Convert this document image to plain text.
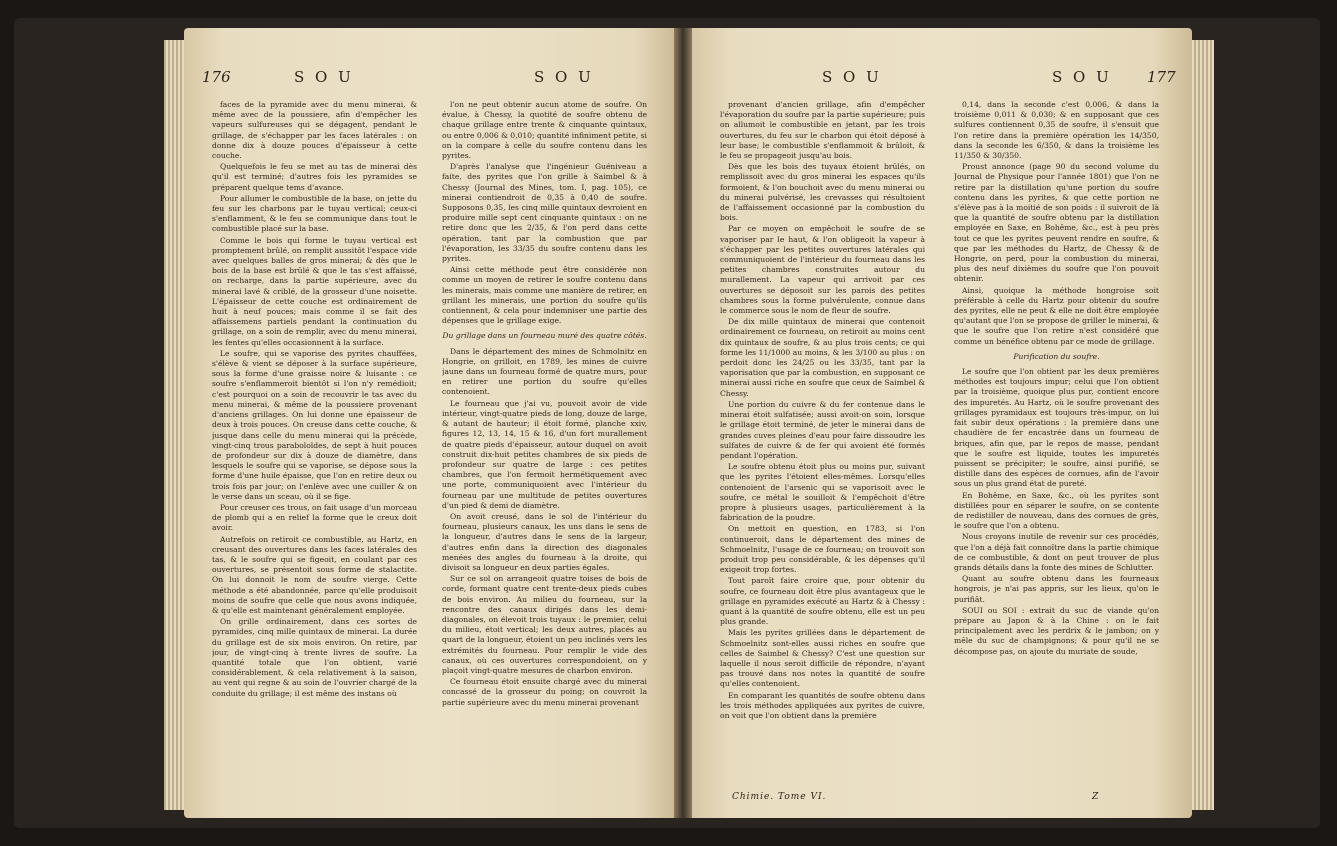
176	S O U	S O U

faces de la pyramide avec du menu minerai, & même avec de la poussiere, afin d'empêcher les vapeurs sulfureuses qui se dégagent, pendant le grillage, de s'échapper par les faces latérales : on donne dix à douze pouces d'épaisseur à cette couche.

Quelquefois le feu se met au tas de minerai dès qu'il est terminé; d'autres fois les pyramides se préparent quelque tems d'avance.

Pour allumer le combustible de la base, on jette du feu sur les charbons par le tuyau vertical; ceux-ci s'enflamment, & le feu se communique dans tout le combustible placé sur la base.

Comme le bois qui forme le tuyau vertical est promptement brûlé, on remplit aussitôt l'espace vide avec quelques balles de gros minerai; & dès que le bois de la base est brûlé & que le tas s'est affaissé, on recharge, dans la partie supérieure, avec du minerai lavé & criblé, de la grosseur d'une noisette. L'épaisseur de cette couche est ordinairement de huit à neuf pouces; mais comme il se fait des affaissemens partiels pendant la continuation du grillage, on a soin de remplir, avec du menu minerai, les fentes qu'elles occasionnent à la surface.

Le soufre, qui se vaporise des pyrites chauffées, s'élève & vient se déposer à la surface supérieure, sous la forme d'une graisse noire & luisante : ce soufre s'enflammeroit bientôt si l'on n'y remédioit; c'est pourquoi on a soin de recouvrir le tas avec du menu minerai, & même de la poussiere provenant d'anciens grillages. On lui donne une épaisseur de deux à trois pouces. On creuse dans cette couche, & jusque dans celle du menu minerai qui la précède, vingt-cinq trous paraboloïdes, de sept à huit pouces de profondeur sur dix à douze de diamètre, dans lesquels le soufre qui se vaporise, se dépose sous la forme d'une huile épaisse, que l'on en retire deux ou trois fois par jour; on l'enlève avec une cuiller & on le verse dans un sceau, où il se fige.

Pour creuser ces trous, on fait usage d'un morceau de plomb qui a en relief la forme que le creux doit avoir.

Autrefois on retiroit ce combustible, au Hartz, en creusant des ouvertures dans les faces latérales des tas, & le soufre qui se figeoit, en coulant par ces ouvertures, se présentoit sous forme de stalactite. On lui donnoit le nom de soufre vierge. Cette méthode a été abandonnée, parce qu'elle produisoit moins de soufre que celle que nous avons indiquée, & qu'elle est maintenant généralement employée.

On grille ordinairement, dans ces sortes de pyramides, cinq mille quintaux de minerai. La durée du grillage est de six mois environ. On retire, par jour, de vingt-cinq à trente livres de soufre. La quantité totale que l'on obtient, varié considérablement, & cela relativement à la saison, au vent qui regne & au soin de l'ouvrier chargé de la conduite du grillage; il est même des instans où

l'on ne peut obtenir aucun atome de soufre. On évalue, à Chessy, la quotité de soufre obtenu de chaque grillage entre trente & cinquante quintaux, ou entre 0,006 & 0,010; quantité infiniment petite, si on la compare à celle du soufre contenu dans les pyrites.

D'après l'analyse que l'ingénieur Guéniveau a faite, des pyrites que l'on grille à Saimbel & à Chessy (Journal des Mines, tom. I, pag. 105), ce minerai contiendroit de 0,35 à 0,40 de soufre. Supposons 0,35, les cinq mille quintaux devroient en produire mille sept cent cinquante quintaux : on ne retire donc que les 2/35, & l'on perd dans cette opération, tant par la combustion que par l'évaporation, les 33/35 du soufre contenu dans les pyrites.

Ainsi cette méthode peut être considérée non comme un moyen de retirer le soufre contenu dans les minerais, mais comme une manière de retirer, en grillant les minerais, une portion du soufre qu'ils contiennent, & cela pour indemniser une partie des dépenses que le grillage exige.

Du grillage dans un fourneau muré des quatre côtés.

Dans le département des mines de Schmolnitz en Hongrie, on grilloit, en 1789, les mines de cuivre jaune dans un fourneau formé de quatre murs, pour en retirer une portion du soufre qu'elles contenoient.

Le fourneau que j'ai vu, pouvoit avoir de vide intérieur, vingt-quatre pieds de long, douze de large, & autant de hauteur; il étoit formé, planche xxiv, figures 12, 13, 14, 15 & 16, d'un fort murallement de quatre pieds d'épaisseur, autour duquel on avoit construit dix-huit petites chambres de six pieds de profondeur sur quatre de large : ces petites chambres, que l'on fermoit hermétiquement avec une porte, communiquoient avec l'intérieur du fourneau par une multitude de petites ouvertures d'un pied & demi de diamètre.

On avoit creusé, dans le sol de l'intérieur du fourneau, plusieurs canaux, les uns dans le sens de la longueur, d'autres dans le sens de la largeur, d'autres enfin dans la direction des diagonales menées des angles du fourneau à la droite, qui divisoit sa longueur en deux parties égales.

Sur ce sol on arrangeoit quatre toises de bois de corde, formant quatre cent trente-deux pieds cubes de bois environ. Au milieu du fourneau, sur la rencontre des canaux dirigés dans les demi-diagonales, on élevoit trois tuyaux : le premier, celui du milieu, étoit vertical; les deux autres, placés au quart de la longueur, étoient un peu inclinés vers les extrémités du fourneau. Pour remplir le vide des canaux, où ces ouvertures correspondoient, on y plaçoit vingt-quatre mesures de charbon environ.

Ce fourneau étoit ensuite chargé avec du minerai concassé de la grosseur du poing; on couvroit la partie supérieure avec du menu minerai provenant

S O U	S O U 177

provenant d'ancien grillage, afin d'empêcher l'évaporation du soufre par la partie supérieure; puis on allumoit le combustible en jetant, par les trois ouvertures, du feu sur le charbon qui étoit déposé à leur base; le combustible s'enflammoit & brûloit, & le feu se propageoit jusqu'au bois.

Dès que les bois des tuyaux étoient brûlés, on remplissoit avec du gros minerai les espaces qu'ils formoient, & l'on bouchoit avec du menu minerai ou du minerai pulvérisé, les crevasses qui résultoient de l'affaissement occasionné par la combustion du bois.

Par ce moyen on empêchoit le soufre de se vaporiser par le haut, & l'on obligeoit la vapeur à s'échapper par les petites ouvertures latérales qui communiquoient de l'intérieur du fourneau dans les petites chambres construites autour du murallement. La vapeur qui arrivoit par ces ouvertures se déposoit sur les parois des petites chambres sous la forme pulvérulente, connue dans le commerce sous le nom de fleur de soufre.

De dix mille quintaux de minerai que contenoit ordinairement ce fourneau, on retiroit au moins cent dix quintaux de soufre, & au plus trois cents; ce qui forme les 11/1000 au moins, & les 3/100 au plus : on perdoit donc les 24/25 ou les 33/35, tant par la vaporisation que par la combustion, en supposant ce minerai aussi riche en soufre que ceux de Saimbel & Chessy.

Une portion du cuivre & du fer contenue dans le minerai étoit sulfatisée; aussi avoit-on soin, lorsque le grillage étoit terminé, de jeter le minerai dans de grandes cuves pleines d'eau pour faire dissoudre les sulfates de cuivre & de fer qui avoient été formés pendant l'opération.

Le soufre obtenu étoit plus ou moins pur, suivant que les pyrites l'étoient elles-mêmes. Lorsqu'elles contenoient de l'arsenic qui se vaporisoit avec le soufre, ce métal le souilloit & l'empêchoit d'être propre à plusieurs usages, particulièrement à la fabrication de la poudre.

On mettoit en question, en 1783, si l'on continueroit, dans le département des mines de Schmoelnitz, l'usage de ce fourneau; on trouvoit son produit trop peu considérable, & les dépenses qu'il exigeoit trop fortes.

Tout paroît faire croire que, pour obtenir du soufre, ce fourneau doit être plus avantageux que le grillage en pyramides exécuté au Hartz & à Chessy : quant à la quantité de soufre obtenu, elle est un peu plus grande.

Mais les pyrites grillées dans le département de Schmoelnitz sont-elles aussi riches en soufre que celles de Saimbel & Chessy? C'est une question sur laquelle il nous seroit difficile de répondre, n'ayant pas trouvé dans nos notes la quantité de soufre qu'elles contenoient.

En comparant les quantités de soufre obtenu dans les trois méthodes appliquées aux pyrites de cuivre, on voit que l'on obtient dans la première

0,14, dans la seconde c'est 0,006, & dans la troisième 0,011 & 0,030; & en supposant que ces sulfures contiennent 0,35 de soufre, il s'ensuit que l'on retire dans la première opération les 14/350, dans la seconde les 6/350, & dans la troisième les 11/350 & 30/350.

Proust annonce (page 90 du second volume du Journal de Physique pour l'année 1801) que l'on ne retire par la distillation qu'une portion du soufre contenu dans les pyrites, & que cette portion ne s'élève pas à la moitié de son poids : il suivroit de là que la quantité de soufre obtenu par la distillation employée en Saxe, en Bohême, &c., est à peu près tout ce que les pyrites peuvent rendre en soufre, & que par les méthodes du Hartz, de Chessy & de Hongrie, on perd, pour la combustion du minerai, plus des neuf dixièmes du soufre que l'on pouvoit obtenir.

Ainsi, quoique la méthode hongroise soit préférable à celle du Hartz pour obtenir du soufre des pyrites, elle ne peut & elle ne doit être employée qu'autant que l'on se propose de griller le minerai, & que le soufre que l'on retire n'est considéré que comme un bénéfice obtenu par ce mode de grillage.

Purification du soufre.

Le soufre que l'on obtient par les deux premières méthodes est toujours impur; celui que l'on obtient par la troisième, quoique plus pur, contient encore des impuretés. Au Hartz, où le soufre provenant des grillages pyramidaux est toujours très-impur, on lui fait subir deux opérations : la première dans une chaudière de fer encastrée dans un fourneau de briques, afin que, par le repos de masse, pendant que le soufre est liquide, toutes les impuretés puissent se précipiter; le soufre, ainsi purifié, se distille dans des espèces de cornues, afin de l'avoir sous un plus grand état de pureté.

En Bohême, en Saxe, &c., où les pyrites sont distillées pour en séparer le soufre, on se contente de redistiller de nouveau, dans des cornues de grès, le soufre que l'on a obtenu.

Nous croyons inutile de revenir sur ces procédés, que l'on a déjà fait connoître dans la partie chimique de ce combustible, & dont on peut trouver de plus grands détails dans la fonte des mines de Schlutter.

Quant au soufre obtenu dans les fourneaux hongrois, je n'ai pas appris, sur les lieux, qu'on le purifiât.

SOUI ou SOI : extrait du suc de viande qu'on prépare au Japon & à la Chine : on le fait principalement avec les perdrix & le jambon; on y mêle du suc de champignons; & pour qu'il ne se décompose pas, on ajoute du muriate de soude,

Chimie. Tome VI.	Z
